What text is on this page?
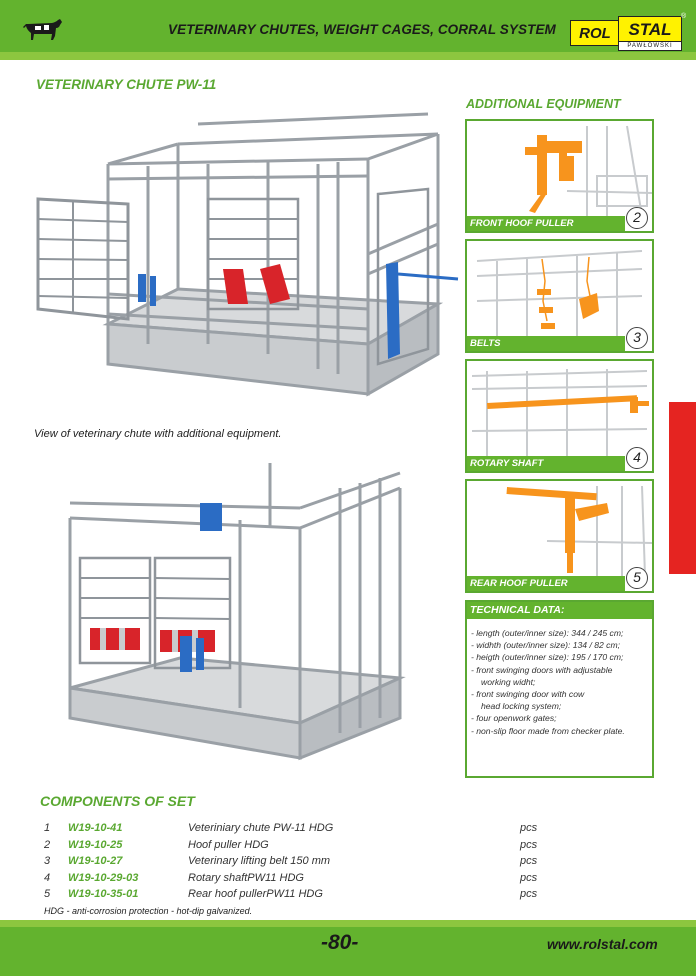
VETERINARY CHUTES, WEIGHT CAGES, CORRAL SYSTEM	ROL	STAL
PAWŁOWSKI
®
VETERINARY CHUTE PW-11
ADDITIONAL EQUIPMENT
View of veterinary chute with additional equipment.
FRONT HOOF PULLER	2
BELTS	3
ROTARY SHAFT	4
REAR HOOF PULLER	5
TECHNICAL DATA:
- length (outer/inner size): 344 / 245 cm;
- widhth (outer/inner size): 134 / 82 cm;
- heigth (outer/inner size): 195 / 170 cm;
- front swinging doors with adjustable
working widht;
- front swinging door with cow
head locking system;
- four openwork gates;
- non-slip floor made from checker plate.
COMPONENTS OF SET
1 W19-10-41	Veteriniary chute PW-11 HDG	pcs
2 W19-10-25	Hoof puller HDG	pcs
3 W19-10-27	Veterinary lifting belt 150 mm	pcs
4 W19-10-29-03	Rotary shaftPW11 HDG	pcs
5 W19-10-35-01	Rear hoof pullerPW11 HDG	pcs
HDG - anti-corrosion protection - hot-dip galvanized.
-80-	www.rolstal.com
